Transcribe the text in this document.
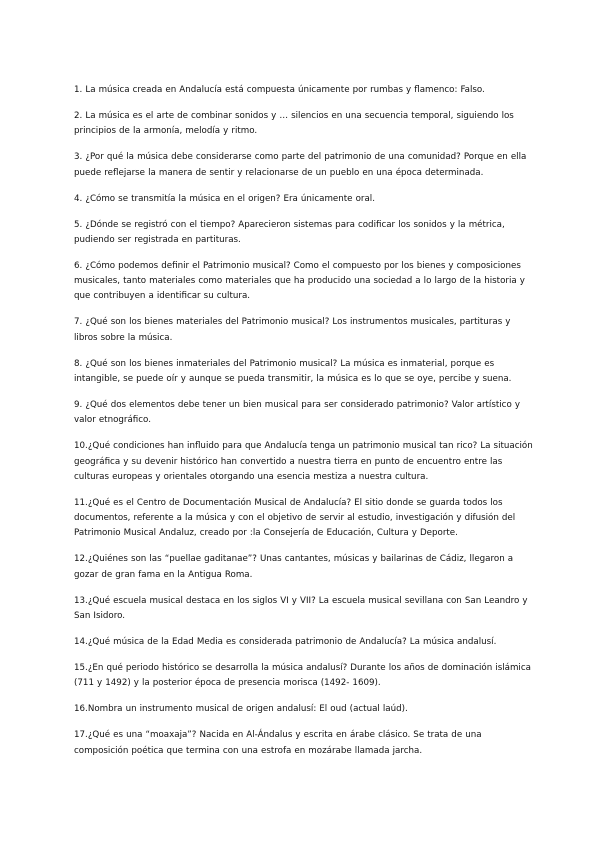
1. La música creada en Andalucía está compuesta únicamente por rumbas y flamenco: Falso.
2. La música es el arte de combinar sonidos y … silencios en una secuencia temporal, siguiendo los principios de la armonía, melodía y ritmo.
3. ¿Por qué la música debe considerarse como parte del patrimonio de una comunidad? Porque en ella puede reflejarse la manera de sentir y relacionarse de un pueblo en una época determinada.
4. ¿Cómo se transmitía la música en el origen? Era únicamente oral.
5. ¿Dónde se registró con el tiempo? Aparecieron sistemas para codificar los sonidos y la métrica, pudiendo ser registrada en partituras.
6. ¿Cómo podemos definir el Patrimonio musical? Como el compuesto por los bienes y composiciones musicales, tanto materiales como materiales que ha producido una sociedad a lo largo de la historia y que contribuyen a identificar su cultura.
7. ¿Qué son los bienes materiales del Patrimonio musical? Los instrumentos musicales, partituras y libros sobre la música.
8. ¿Qué son los bienes inmateriales del Patrimonio musical? La música es inmaterial, porque es intangible, se puede oír y aunque se pueda transmitir, la música es lo que se oye, percibe y suena.
9. ¿Qué dos elementos debe tener un bien musical para ser considerado patrimonio? Valor artístico y valor etnográfico.
10.¿Qué condiciones han influido para que Andalucía tenga un patrimonio musical tan rico? La situación geográfica y su devenir histórico han convertido a nuestra tierra en punto de encuentro entre las culturas europeas y orientales otorgando una esencia mestiza a nuestra cultura.
11.¿Qué es el Centro de Documentación Musical de Andalucía? El sitio donde se guarda todos los documentos, referente a la música y con el objetivo de servir al estudio, investigación y difusión del Patrimonio Musical Andaluz, creado por :la Consejería de Educación, Cultura y Deporte.
12.¿Quiénes son las “puellae gaditanae”? Unas cantantes, músicas y bailarinas de Cádiz, llegaron a gozar de gran fama en la Antigua Roma.
13.¿Qué escuela musical destaca en los siglos VI y VII? La escuela musical sevillana con San Leandro y San Isidoro.
14.¿Qué música de la Edad Media es considerada patrimonio de Andalucía? La música andalusí.
15.¿En qué periodo histórico se desarrolla la música andalusí? Durante los años de dominación islámica (711 y 1492) y la posterior época de presencia morisca (1492- 1609).
16.Nombra un instrumento musical de origen andalusí: El oud (actual laúd).
17.¿Qué es una “moaxaja”? Nacida en Al-Ándalus y escrita en árabe clásico. Se trata de una composición poética que termina con una estrofa en mozárabe llamada jarcha.
